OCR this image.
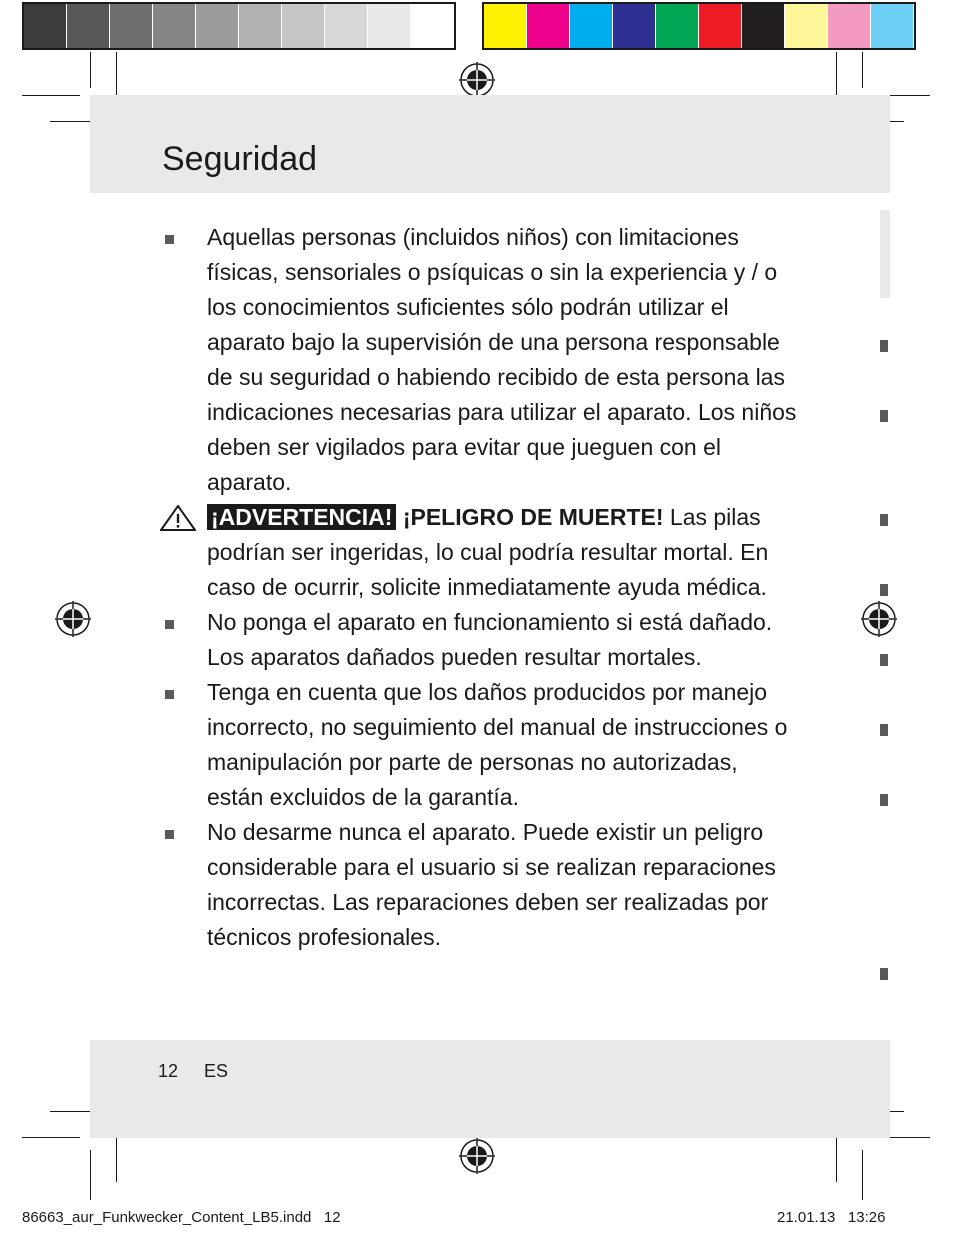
Seguridad
Aquellas personas (incluidos niños) con limitaciones físicas, sensoriales o psíquicas o sin la experiencia y / o los conocimientos suficientes sólo podrán utilizar el aparato bajo la supervisión de una persona responsable de su seguridad o habiendo recibido de esta persona las indicaciones necesarias para utilizar el aparato. Los niños deben ser vigilados para evitar que jueguen con el aparato.
¡ADVERTENCIA! ¡PELIGRO DE MUERTE! Las pilas podrían ser ingeridas, lo cual podría resultar mortal. En caso de ocurrir, solicite inmediatamente ayuda médica.
No ponga el aparato en funcionamiento si está dañado. Los aparatos dañados pueden resultar mortales.
Tenga en cuenta que los daños producidos por manejo incorrecto, no seguimiento del manual de instrucciones o manipulación por parte de personas no autorizadas, están excluidos de la garantía.
No desarme nunca el aparato. Puede existir un peligro considerable para el usuario si se realizan reparaciones incorrectas. Las reparaciones deben ser realizadas por técnicos profesionales.
12 ES
86663_aur_Funkwecker_Content_LB5.indd   12	21.01.13   13:26
